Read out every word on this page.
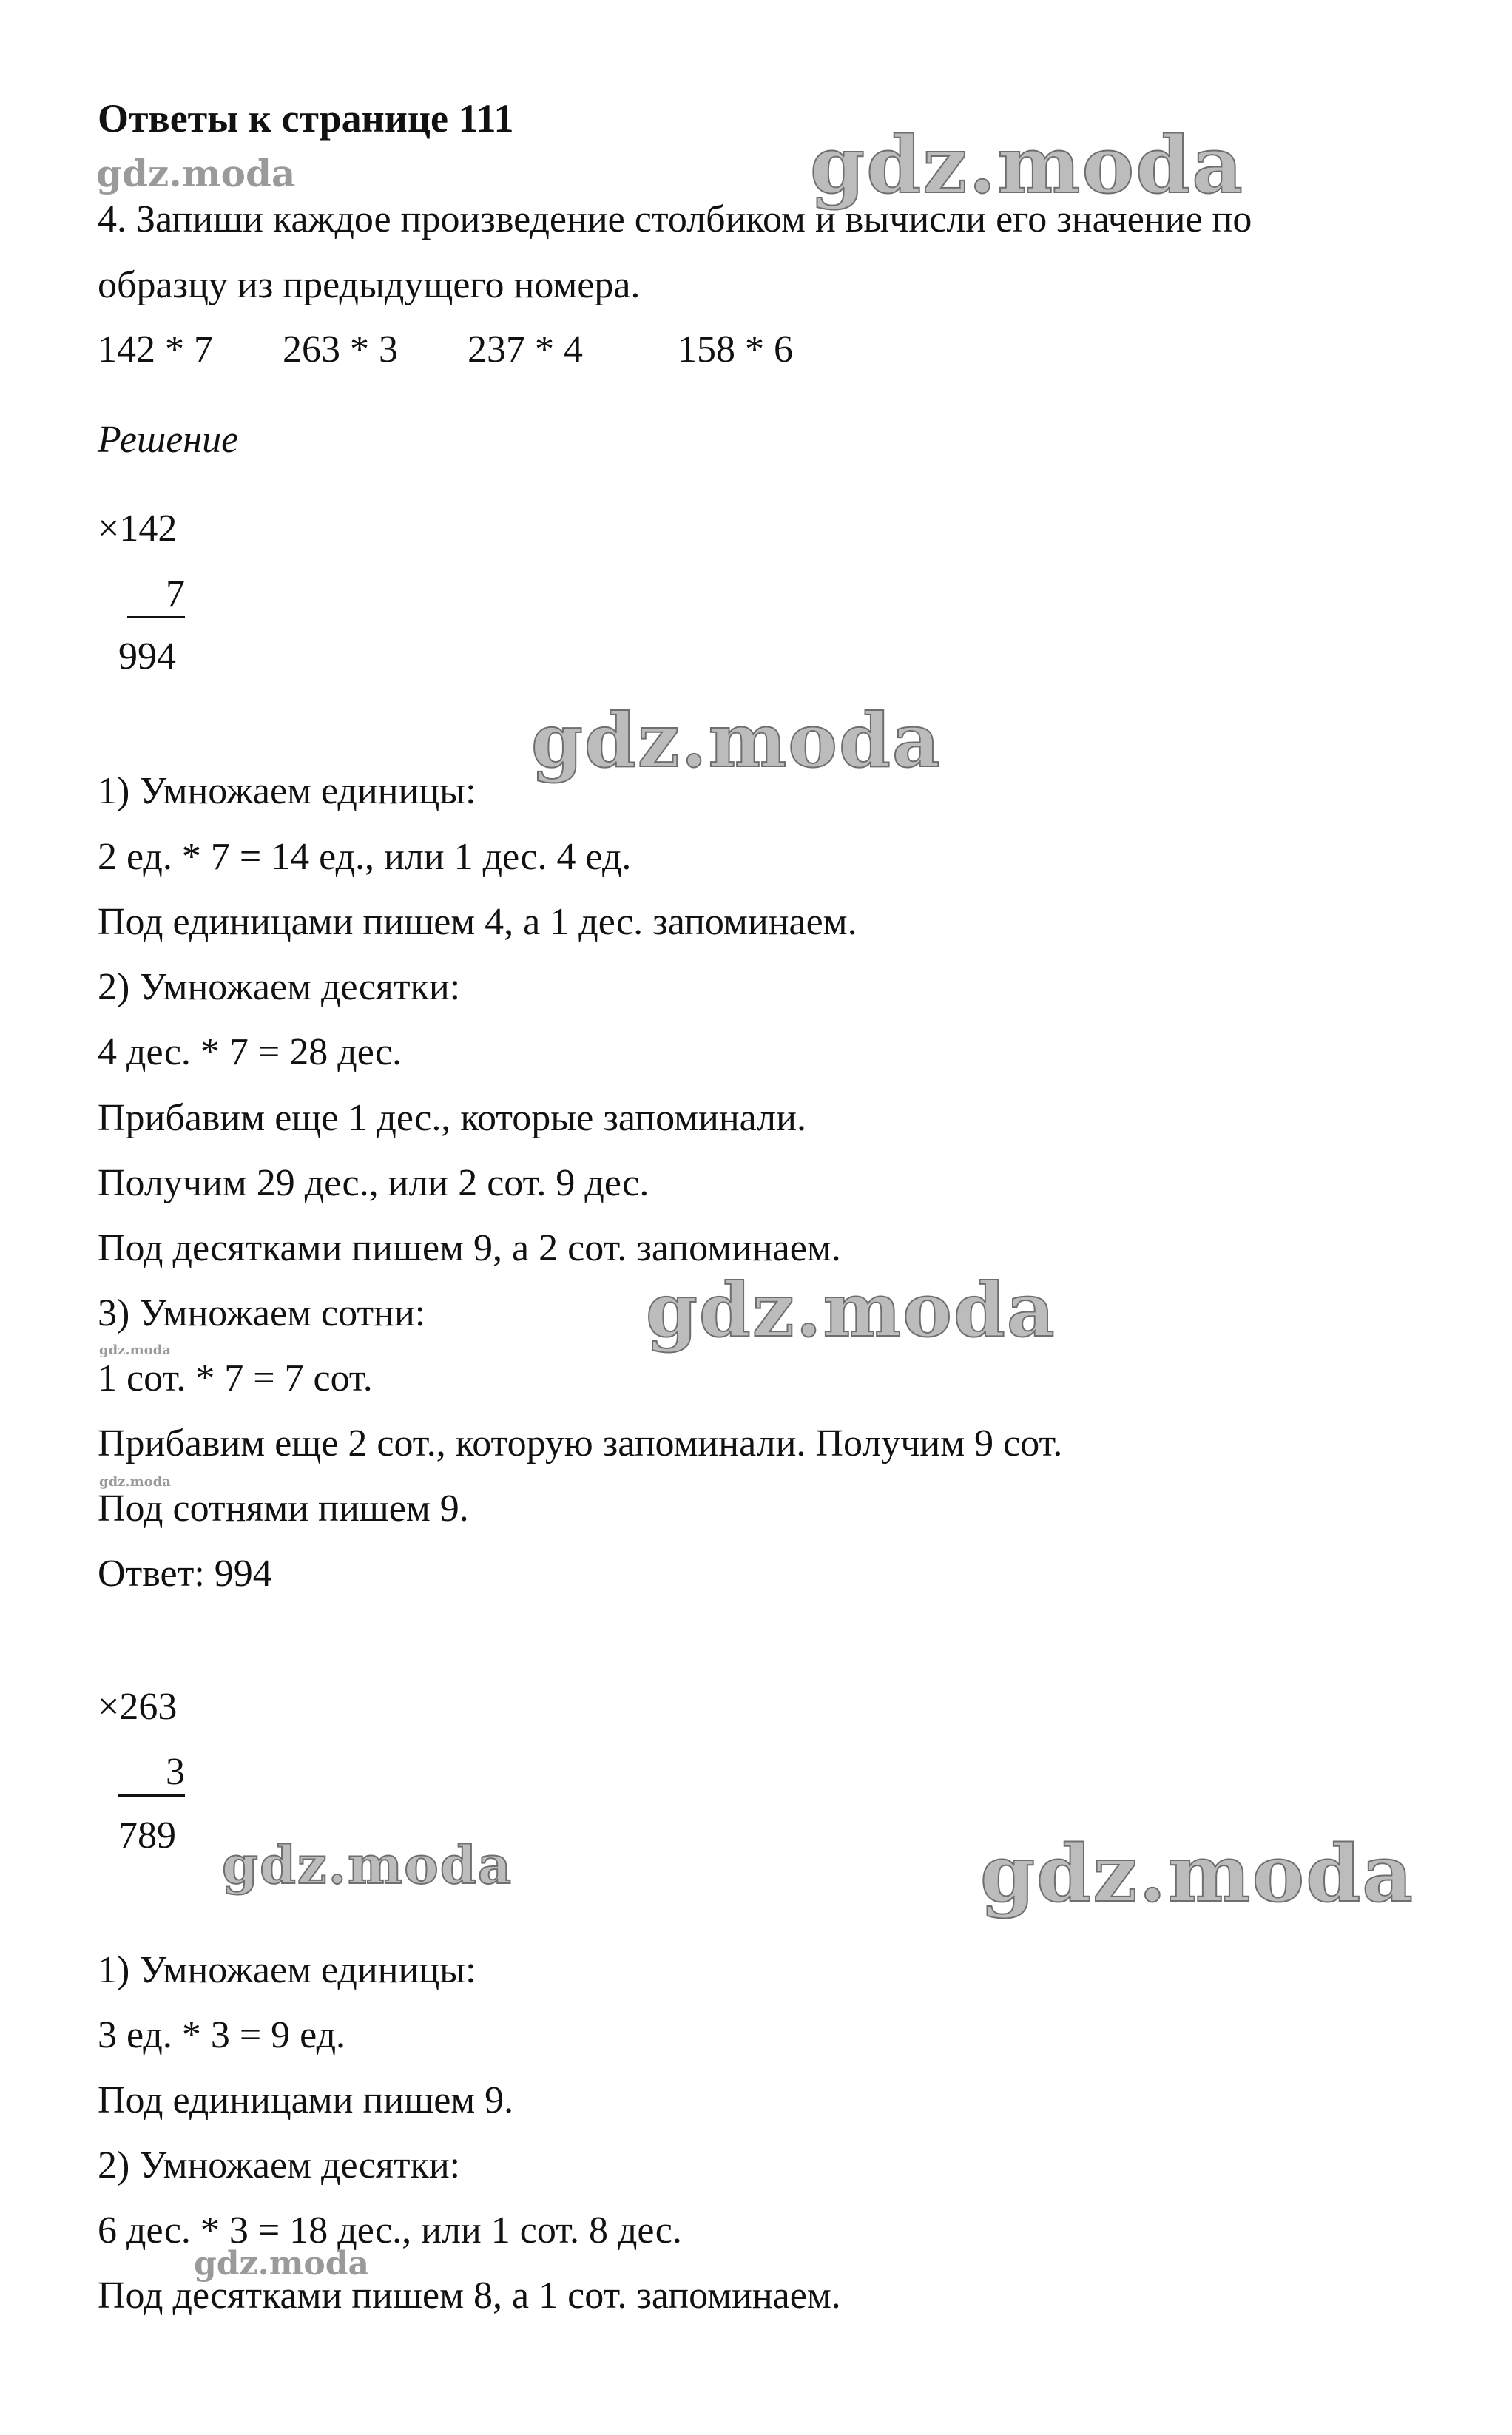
Ответы к странице 111
4. Запиши каждое произведение столбиком и вычисли его значение по
образцу из предыдущего номера.
142 * 7 263 * 3 237 * 4 158 * 6
Решение
×142
7
994
1) Умножаем единицы:
2 ед. * 7 = 14 ед., или 1 дес. 4 ед.
Под единицами пишем 4, а 1 дес. запоминаем.
2) Умножаем десятки:
4 дес. * 7 = 28 дес.
Прибавим еще 1 дес., которые запоминали.
Получим 29 дес., или 2 сот. 9 дес.
Под десятками пишем 9, а 2 сот. запоминаем.
3) Умножаем сотни:
1 сот. * 7 = 7 сот.
Прибавим еще 2 сот., которую запоминали. Получим 9 сот.
Под сотнями пишем 9.
Ответ: 994
×263
3
789
1) Умножаем единицы:
3 ед. * 3 = 9 ед.
Под единицами пишем 9.
2) Умножаем десятки:
6 дес. * 3 = 18 дес., или 1 сот. 8 дес.
Под десятками пишем 8, а 1 сот. запоминаем.
gdz.moda	gdz.moda
gdz.moda
gdz.moda
gdz.moda
gdz.moda
gdz.moda	gdz.moda
gdz.moda
